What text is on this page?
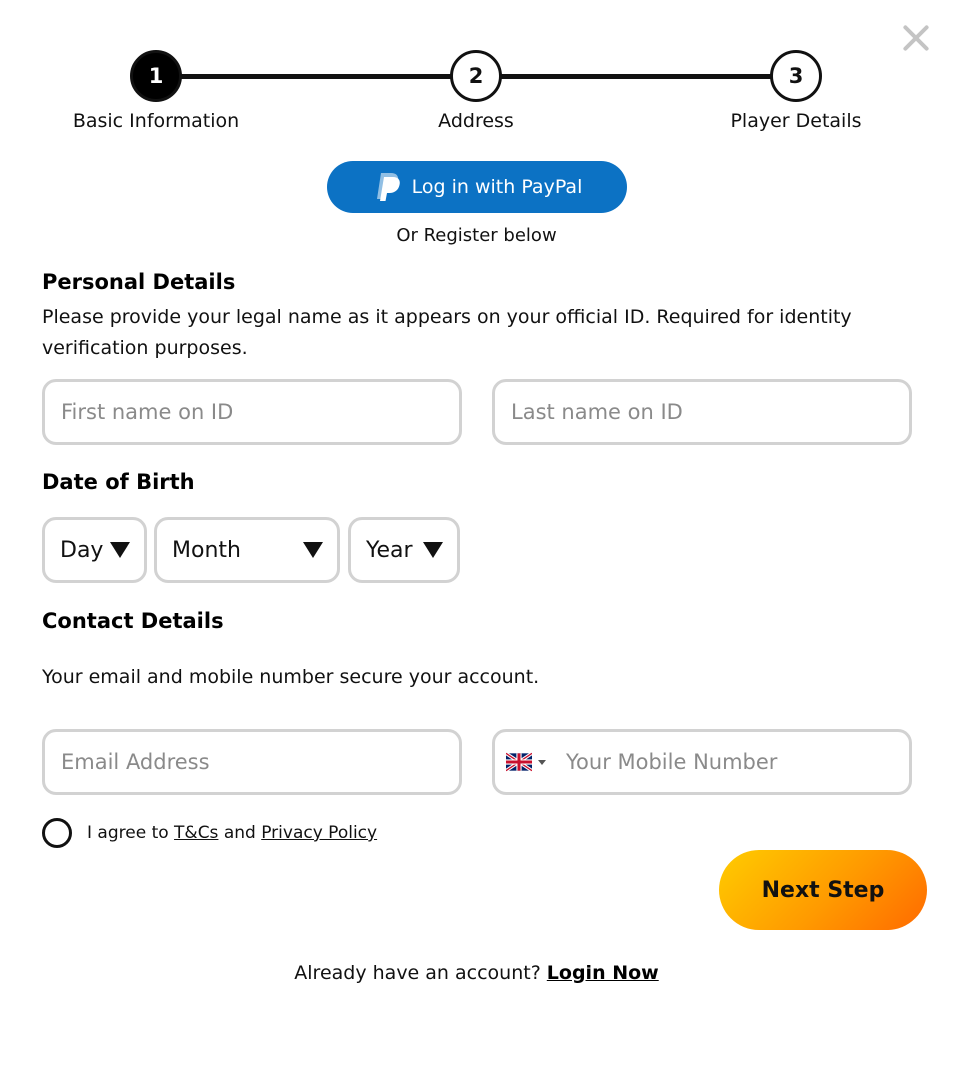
1	2	3
Basic Information	Address	Player Details
Log in with PayPal
Or Register below
Personal Details
Please provide your legal name as it appears on your official ID. Required for identity verification purposes.
First name on ID
Last name on ID
Date of Birth
Day	Month	Year
Contact Details
Your email and mobile number secure your account.
Email Address
Your Mobile Number
I agree to T&Cs and Privacy Policy
Next Step
Already have an account? Login Now
